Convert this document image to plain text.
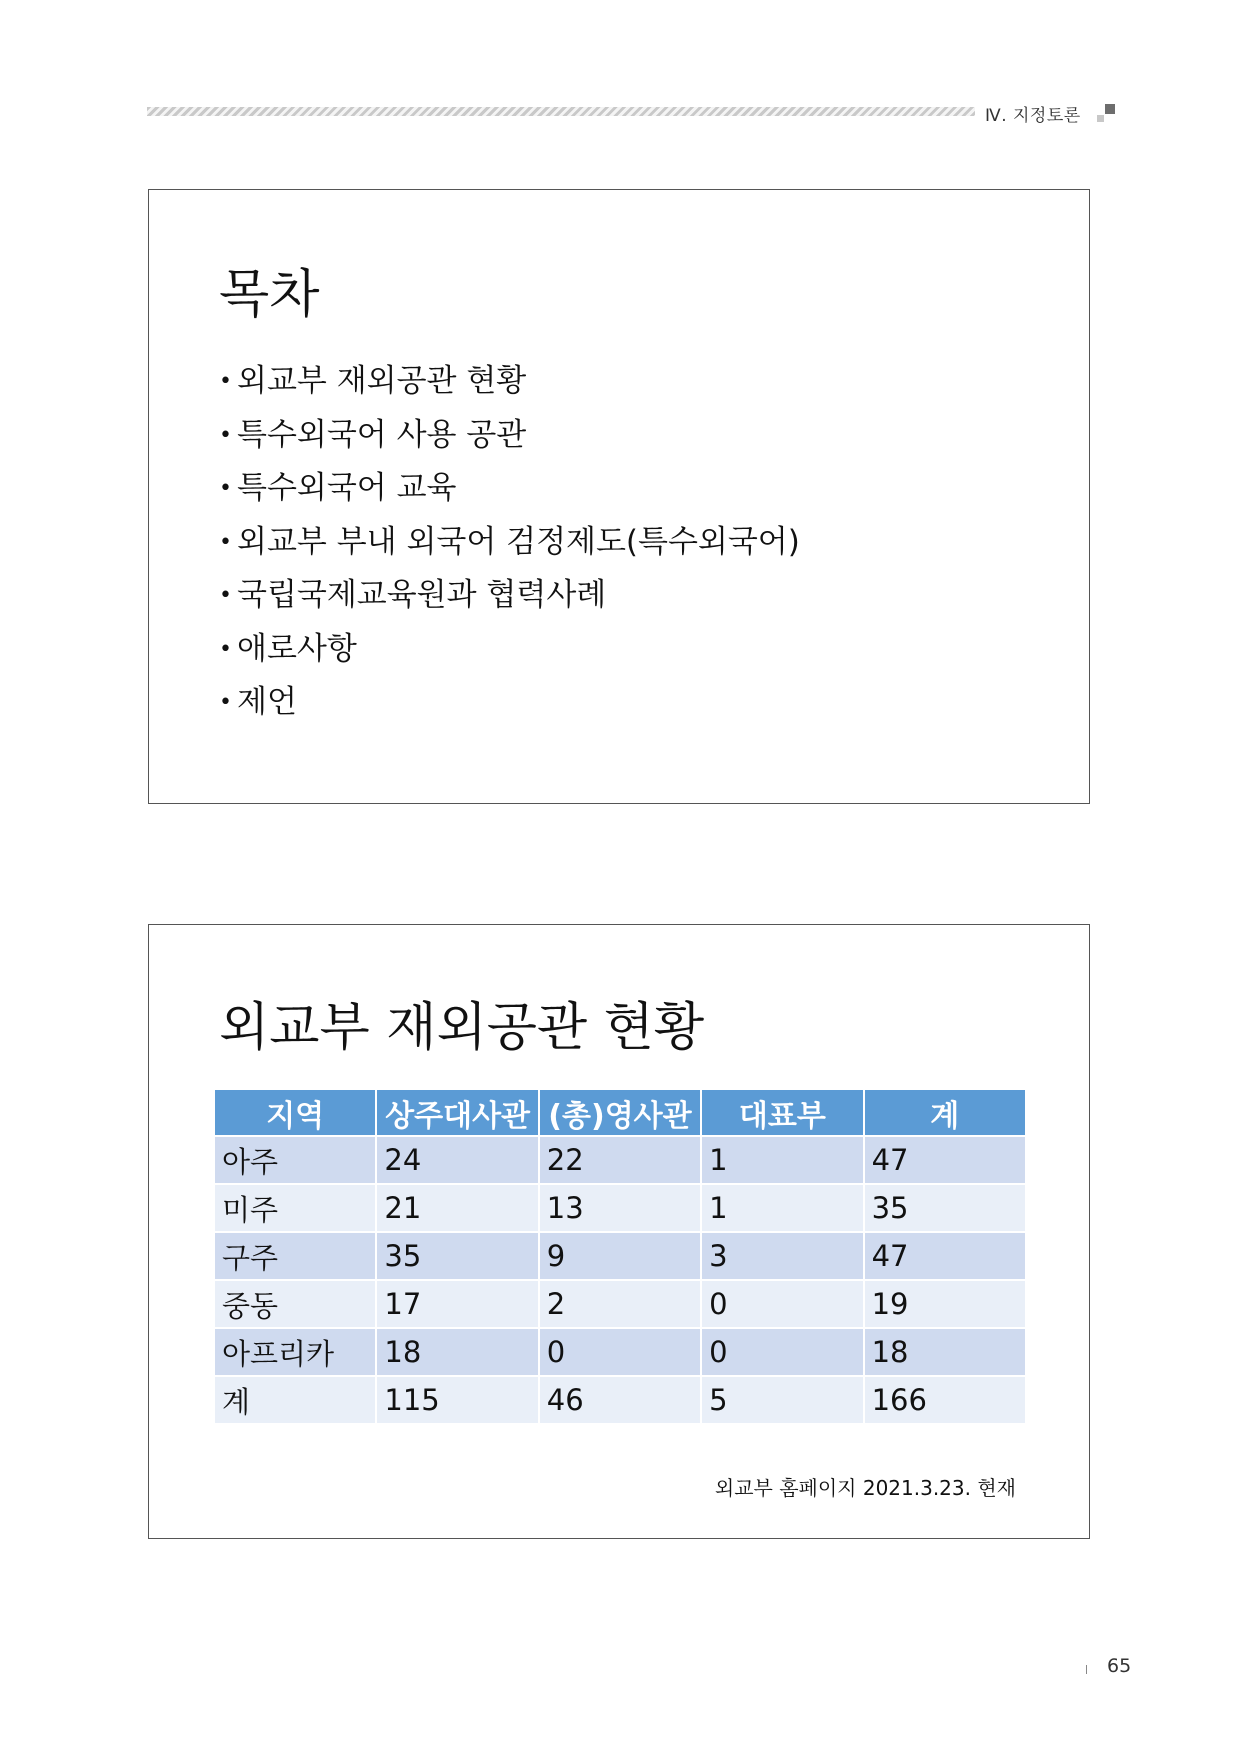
Ⅳ. 지정토론
목차
• 외교부 재외공관 현황
• 특수외국어 사용 공관
• 특수외국어 교육
• 외교부 부내 외국어 검정제도(특수외국어)
• 국립국제교육원과 협력사례
• 애로사항
• 제언
외교부 재외공관 현황
지역	상주대사관	(총)영사관	대표부	계
아주	24	22	1	47
미주	21	13	1	35
구주	35	9	3	47
중동	17	2	0	19
아프리카	18	0	0	18
계	115	46	5	166
외교부 홈페이지 2021.3.23. 현재
65
